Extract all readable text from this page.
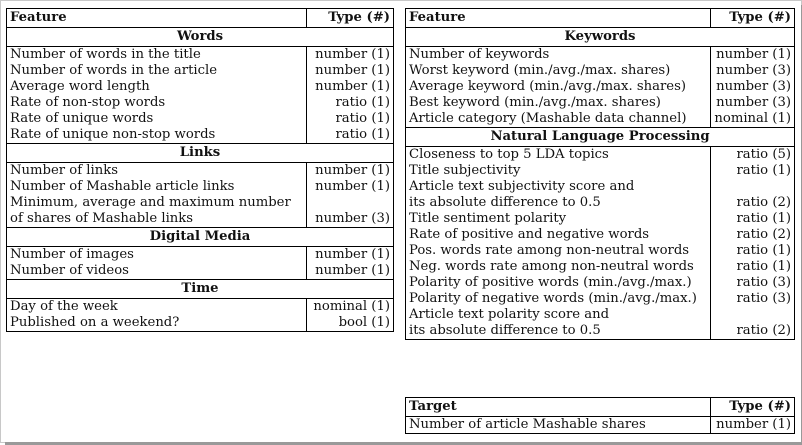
Feature	Type (#)
Words	
Number of words in the title	number (1)
Number of words in the article	number (1)
Average word length	number (1)
Rate of non-stop words	ratio (1)
Rate of unique words	ratio (1)
Rate of unique non-stop words	ratio (1)
Links	
Number of links	number (1)
Number of Mashable article links	number (1)
Minimum, average and maximum number	
of shares of Mashable links	number (3)
Digital Media	
Number of images	number (1)
Number of videos	number (1)
Time	
Day of the week	nominal (1)
Published on a weekend?	bool (1)
Feature	Type (#)
Keywords	
Number of keywords	number (1)
Worst keyword (min./avg./max. shares)	number (3)
Average keyword (min./avg./max. shares)	number (3)
Best keyword (min./avg./max. shares)	number (3)
Article category (Mashable data channel)	nominal (1)
Natural Language Processing	
Closeness to top 5 LDA topics	ratio (5)
Title subjectivity	ratio (1)
Article text subjectivity score and	
its absolute difference to 0.5	ratio (2)
Title sentiment polarity	ratio (1)
Rate of positive and negative words	ratio (2)
Pos. words rate among non-neutral words	ratio (1)
Neg. words rate among non-neutral words	ratio (1)
Polarity of positive words (min./avg./max.)	ratio (3)
Polarity of negative words (min./avg./max.)	ratio (3)
Article text polarity score and	
its absolute difference to 0.5	ratio (2)
Target	Type (#)
Number of article Mashable shares	number (1)
